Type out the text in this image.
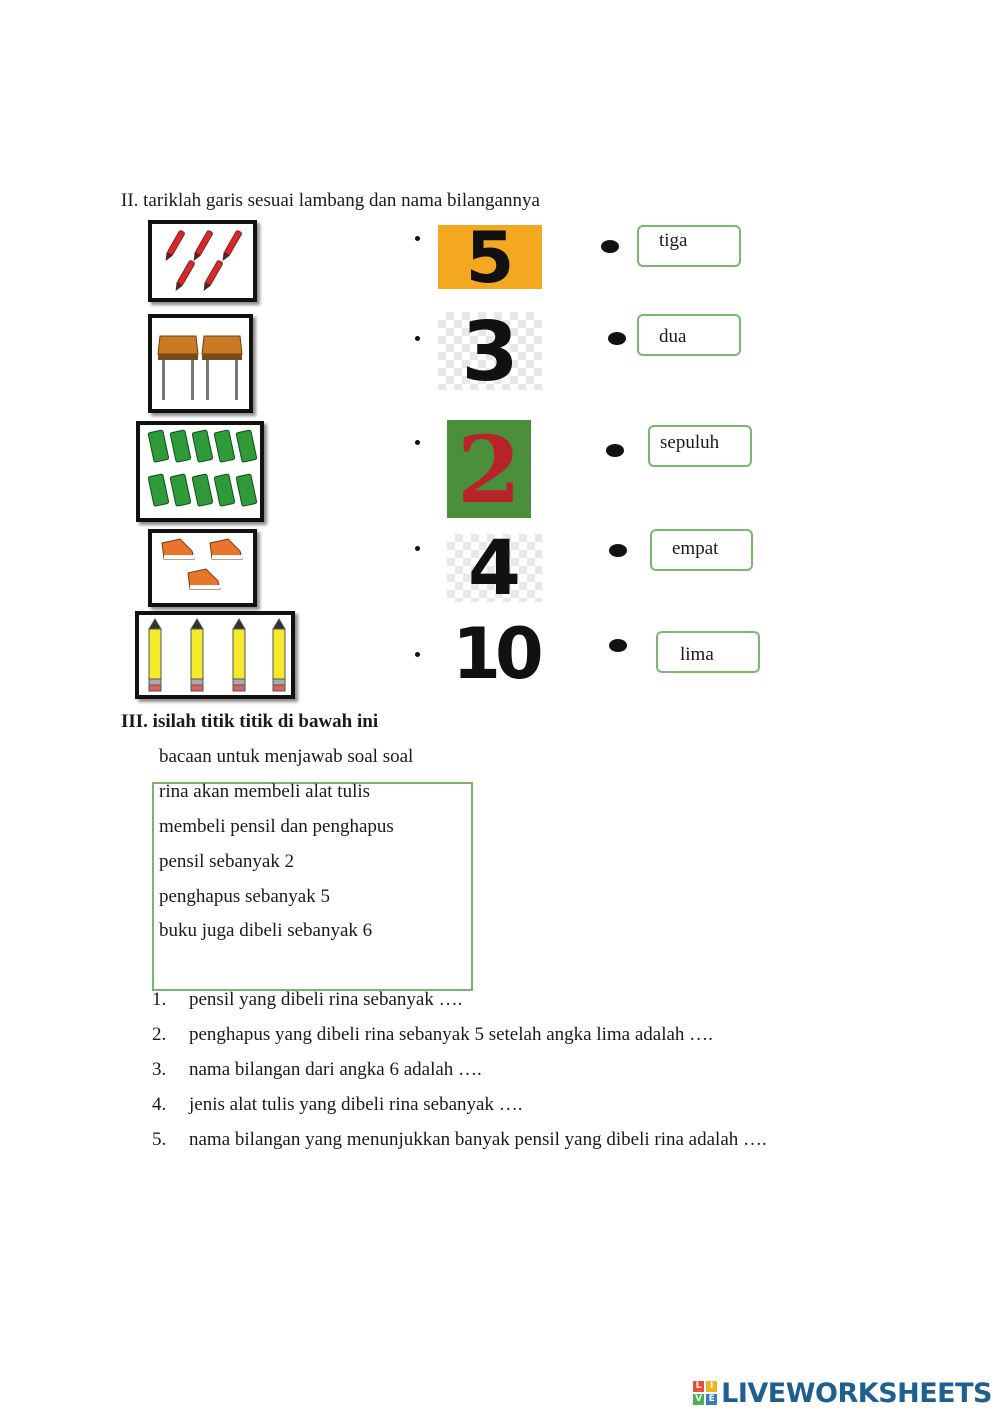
II. tariklah garis sesuai lambang dan nama bilangannya
5
3
2
4
10
tiga
dua
sepuluh
empat
lima
III. isilah titik titik di bawah ini
bacaan untuk menjawab soal soal
rina akan membeli alat tulis
membeli pensil dan penghapus
pensil sebanyak 2
penghapus sebanyak 5
buku juga dibeli sebanyak 6
1. pensil yang dibeli rina sebanyak ….
2. penghapus yang dibeli rina sebanyak 5 setelah angka lima adalah ….
3. nama bilangan dari angka 6 adalah ….
4. jenis alat tulis yang dibeli rina sebanyak ….
5. nama bilangan yang menunjukkan banyak pensil yang dibeli rina adalah ….
L I
V E LIVEWORKSHEETS
